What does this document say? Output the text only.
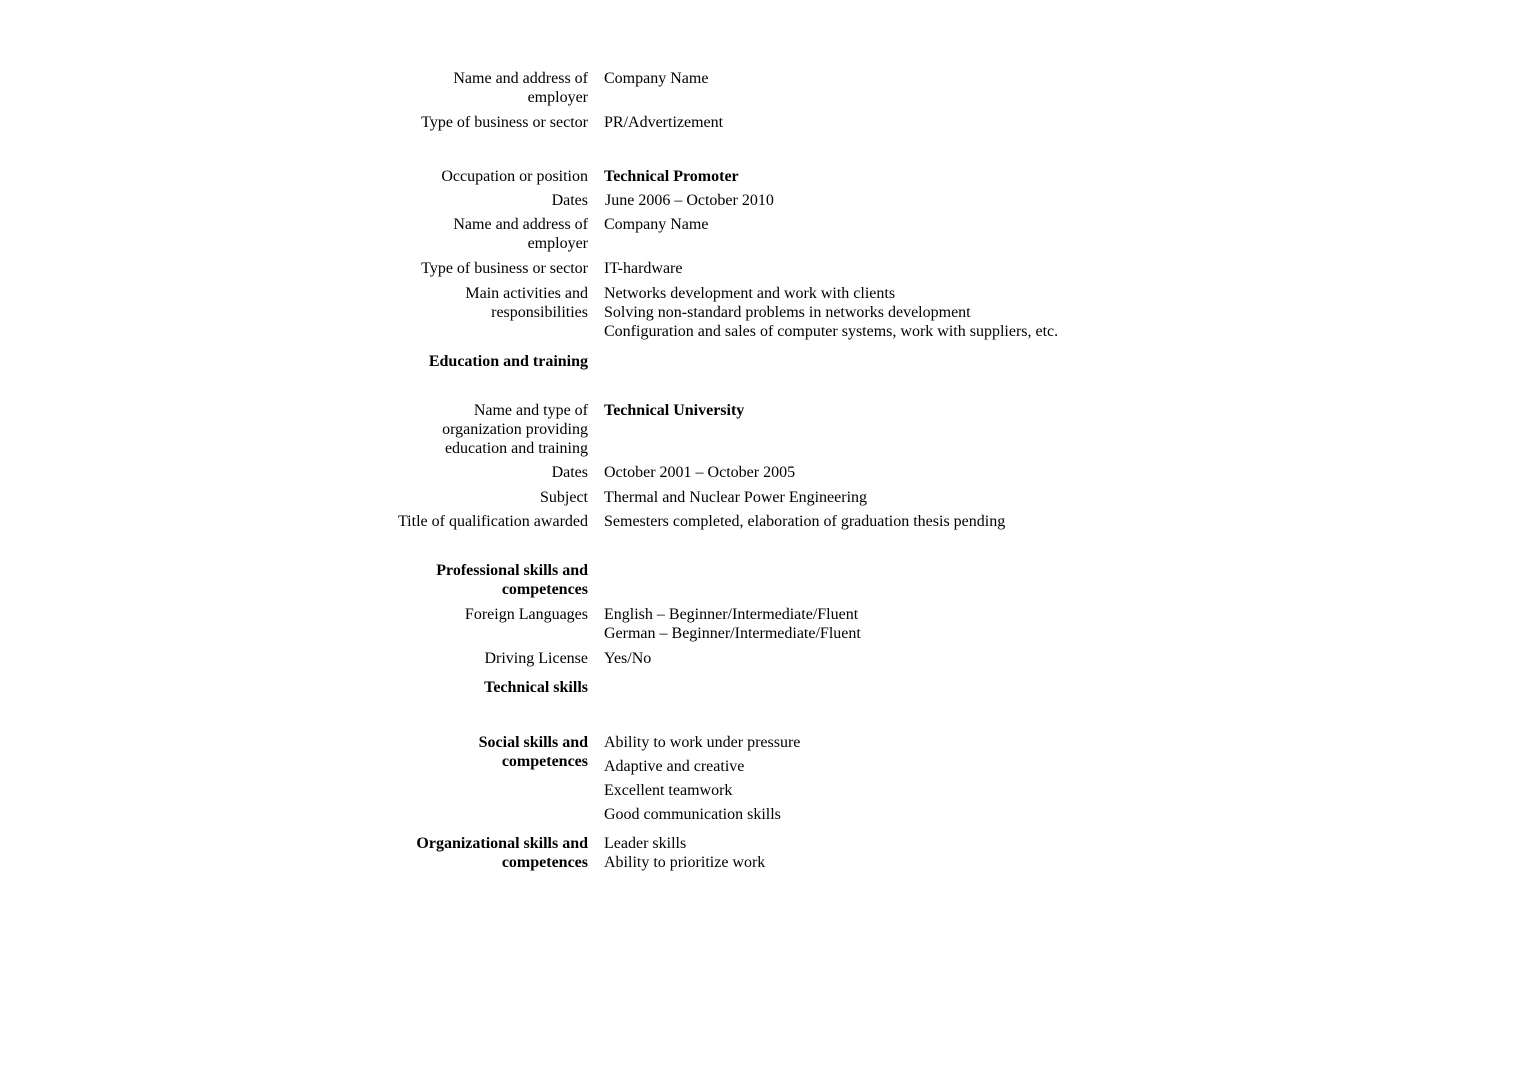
Name and address of
employer
Company Name
Type of business or sector PR/Advertizement
Occupation or position Technical Promoter
Dates June 2006 – October 2010
Name and address of
employer
Company Name
Type of business or sector IT-hardware
Main activities and
responsibilities
Networks development and work with clients
Solving non-standard problems in networks development
Configuration and sales of computer systems, work with suppliers, etc.
Education and training
Name and type of
organization providing
education and training
Technical University
Dates October 2001 – October 2005
Subject Thermal and Nuclear Power Engineering
Title of qualification awarded Semesters completed, elaboration of graduation thesis pending
Professional skills and
competences
Foreign Languages English – Beginner/Intermediate/Fluent
German – Beginner/Intermediate/Fluent
Driving License Yes/No
Technical skills
Social skills and
competences
Ability to work under pressure
Adaptive and creative
Excellent teamwork
Good communication skills
Organizational skills and
competences
Leader skills
Ability to prioritize work
